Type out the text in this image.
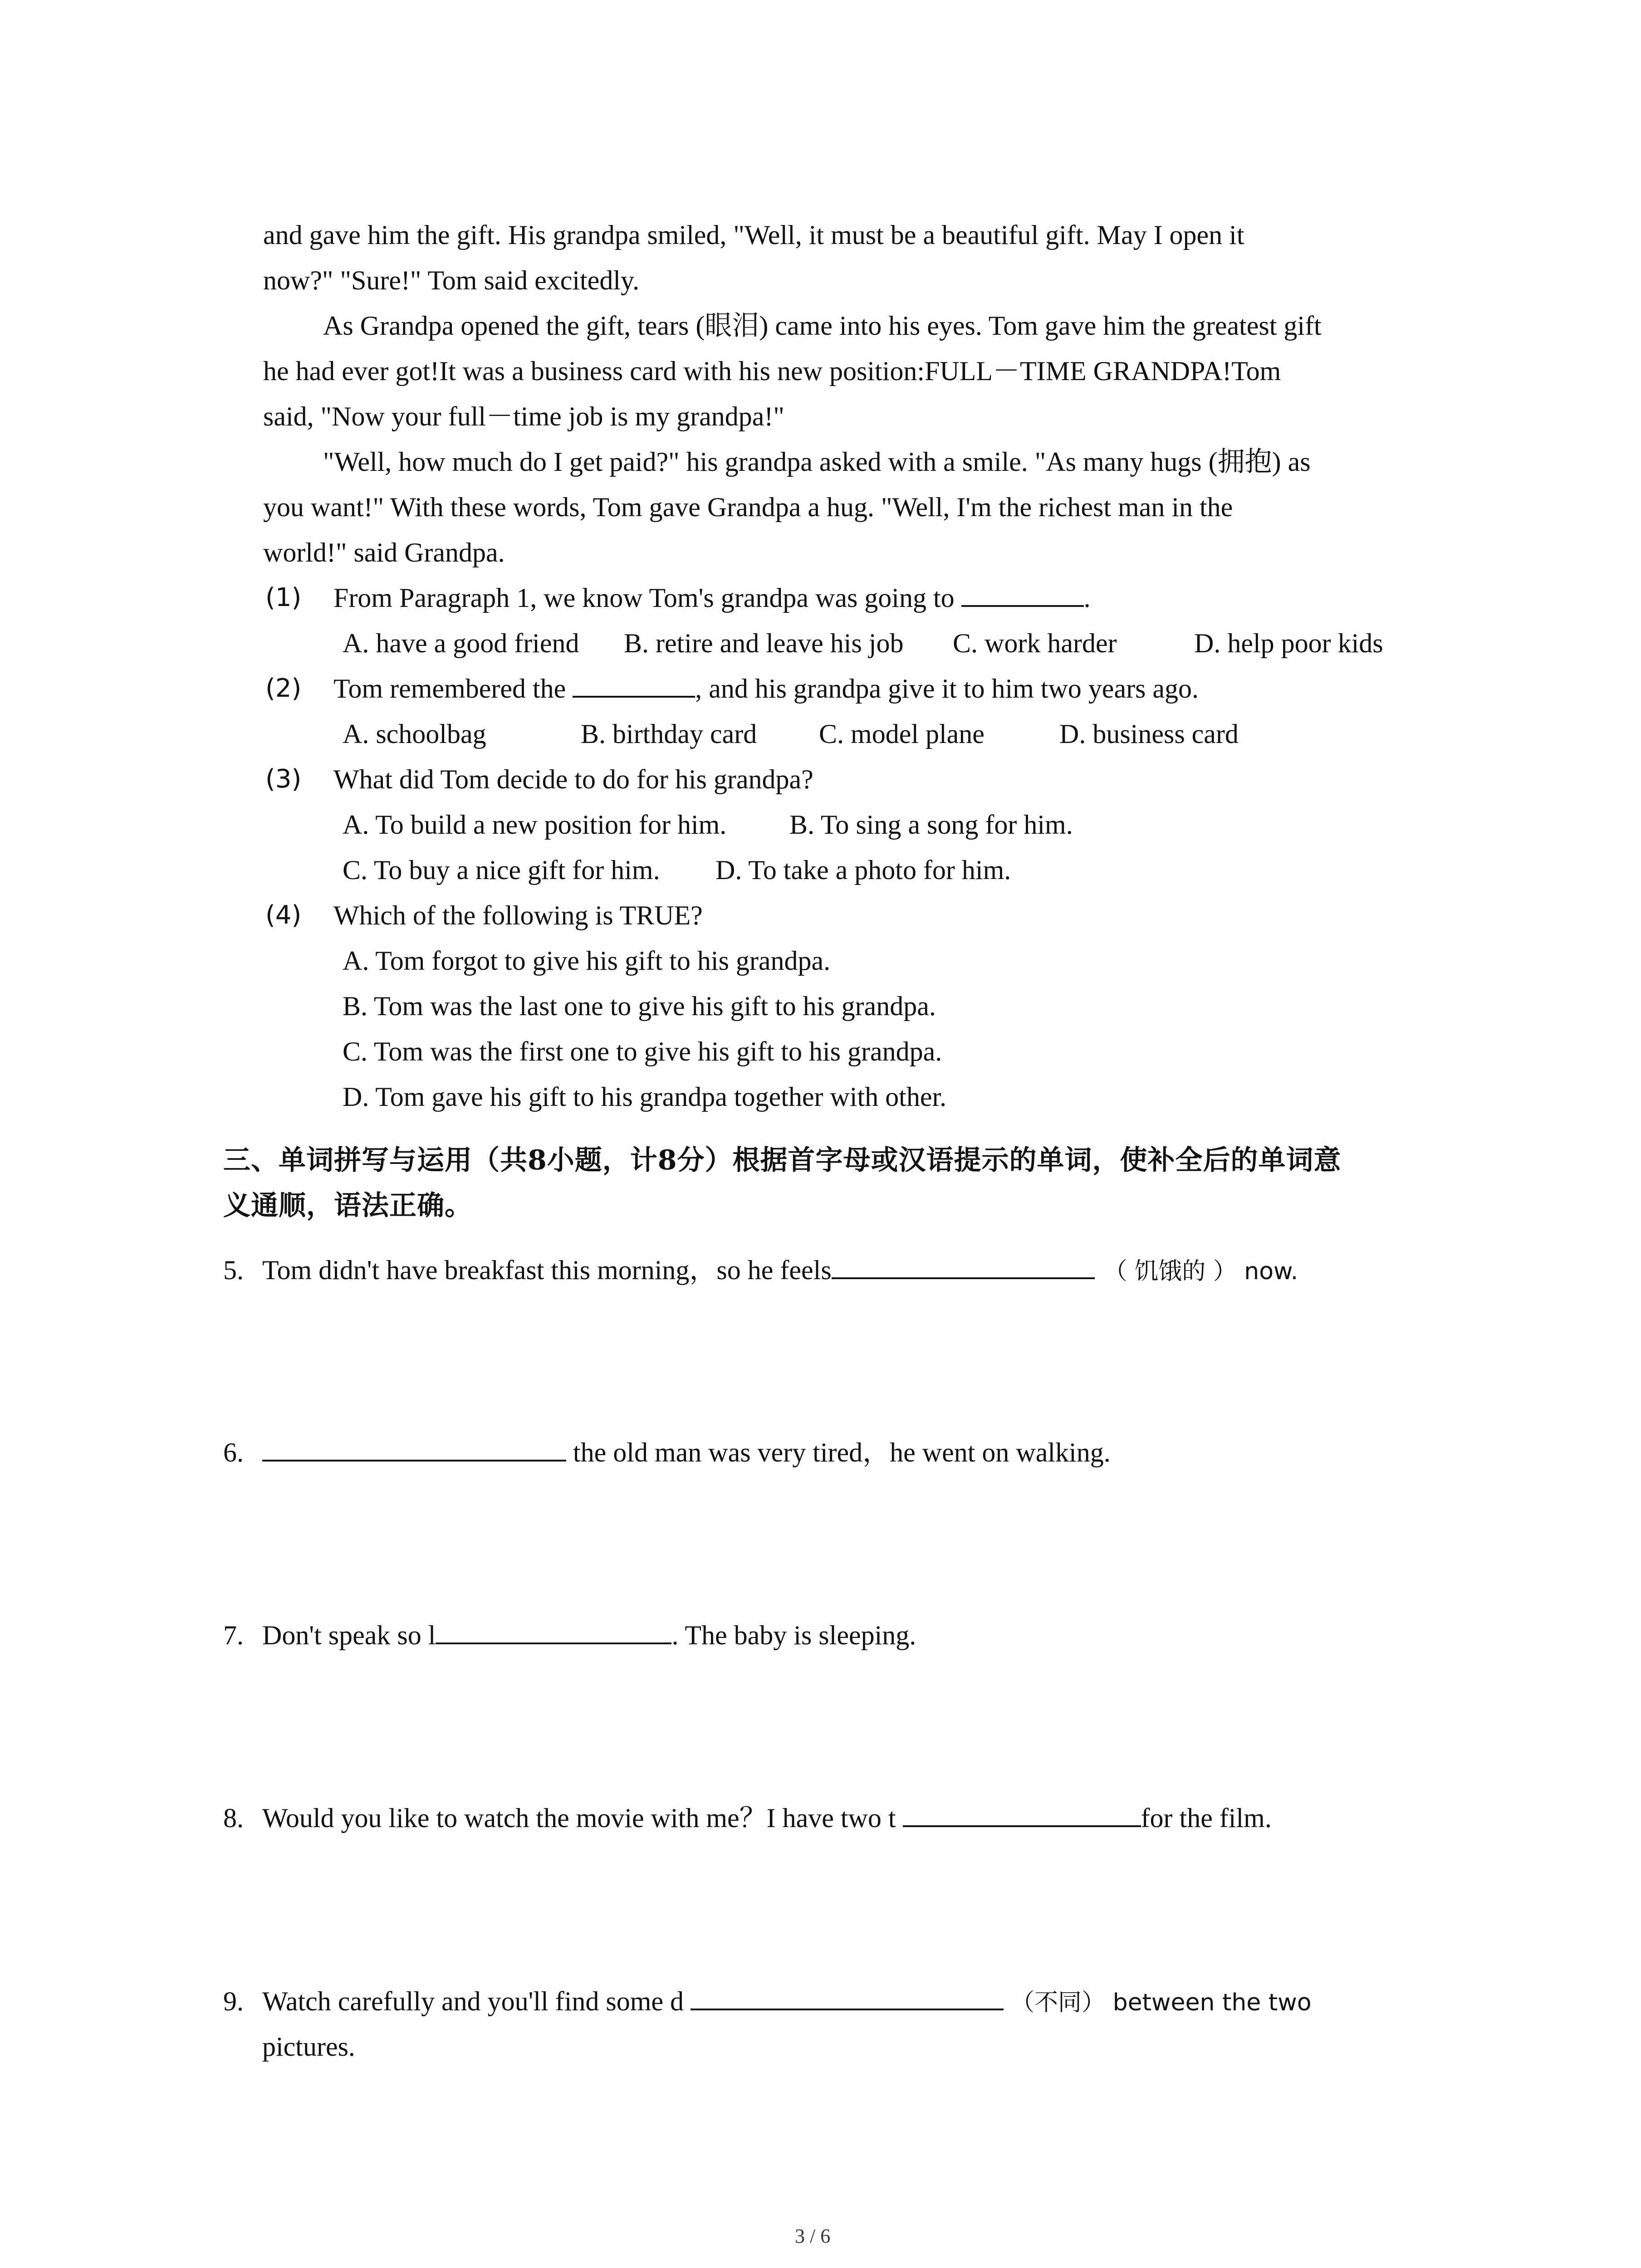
and gave him the gift. His grandpa smiled, "Well, it must be a beautiful gift. May I open it
now?" "Sure!" Tom said excitedly.
As Grandpa opened the gift, tears (眼泪) came into his eyes. Tom gave him the greatest gift
he had ever got!It was a business card with his new position:FULL－TIME GRANDPA!Tom
said, "Now your full－time job is my grandpa!"
"Well, how much do I get paid?" his grandpa asked with a smile. "As many hugs (拥抱) as
you want!" With these words, Tom gave Grandpa a hug. "Well, I'm the richest man in the
world!" said Grandpa.
(1) From Paragraph 1, we know Tom's grandpa was going to	.
A. have a good friend B. retire and leave his job C. work harder	D. help poor kids
(2) Tom remembered the	, and his grandpa give it to him two years ago.
A. schoolbag	B. birthday card C. model plane	D. business card
(3) What did Tom decide to do for his grandpa?
A. To build a new position for him. B. To sing a song for him.
C. To buy a nice gift for him. D. To take a photo for him.
(4) Which of the following is TRUE?
A. Tom forgot to give his gift to his grandpa.
B. Tom was the last one to give his gift to his grandpa.
C. Tom was the first one to give his gift to his grandpa.
D. Tom gave his gift to his grandpa together with other.
三、单词拼写与运用（共8小题，计8分）根据首字母或汉语提示的单词，使补全后的单词意
义通顺，语法正确。
5. Tom didn't have breakfast this morning，so he feels	（ 饥饿的 ） now.
6.	the old man was very tired，he went on walking.
7. Don't speak so l	. The baby is sleeping.
8. Would you like to watch the movie with me？I have two t	for the film.
9. Watch carefully and you'll find some d	（不同） between the two
pictures.
3 / 6
